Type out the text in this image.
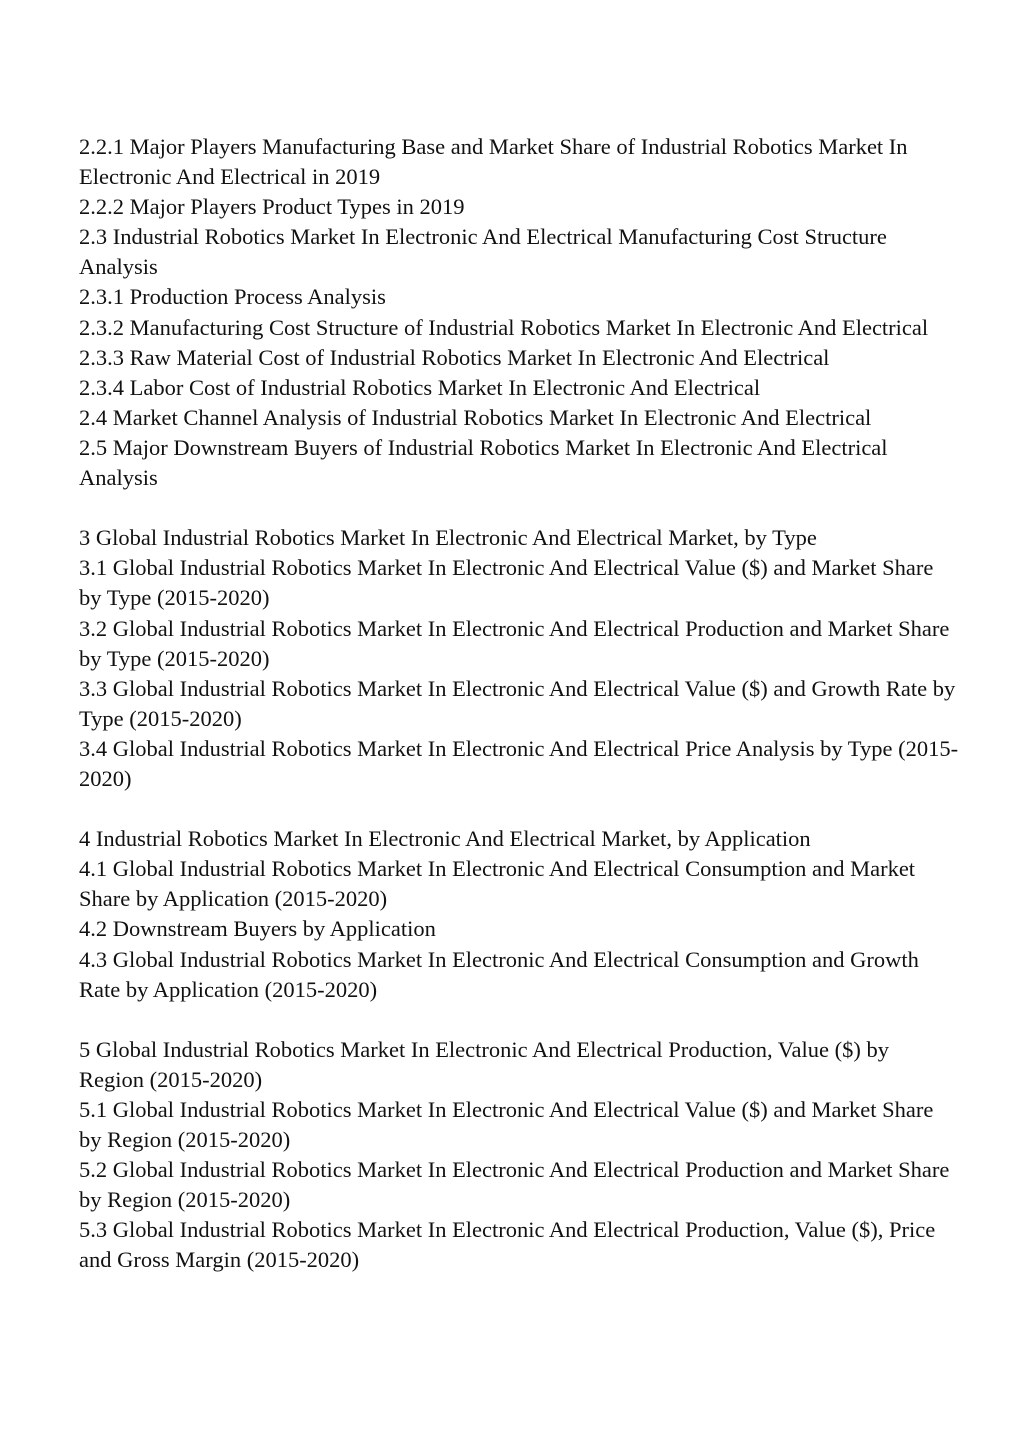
2.2.1 Major Players Manufacturing Base and Market Share of Industrial Robotics Market In Electronic And Electrical in 2019

2.2.2 Major Players Product Types in 2019

2.3 Industrial Robotics Market In Electronic And Electrical Manufacturing Cost Structure Analysis

2.3.1 Production Process Analysis

2.3.2 Manufacturing Cost Structure of Industrial Robotics Market In Electronic And Electrical

2.3.3 Raw Material Cost of Industrial Robotics Market In Electronic And Electrical

2.3.4 Labor Cost of Industrial Robotics Market In Electronic And Electrical

2.4 Market Channel Analysis of Industrial Robotics Market In Electronic And Electrical

2.5 Major Downstream Buyers of Industrial Robotics Market In Electronic And Electrical Analysis

3 Global Industrial Robotics Market In Electronic And Electrical Market, by Type

3.1 Global Industrial Robotics Market In Electronic And Electrical Value ($) and Market Share by Type (2015-2020)

3.2 Global Industrial Robotics Market In Electronic And Electrical Production and Market Share by Type (2015-2020)

3.3 Global Industrial Robotics Market In Electronic And Electrical Value ($) and Growth Rate by Type (2015-2020)

3.4 Global Industrial Robotics Market In Electronic And Electrical Price Analysis by Type (2015-2020)

4 Industrial Robotics Market In Electronic And Electrical Market, by Application

4.1 Global Industrial Robotics Market In Electronic And Electrical Consumption and Market Share by Application (2015-2020)

4.2 Downstream Buyers by Application

4.3 Global Industrial Robotics Market In Electronic And Electrical Consumption and Growth Rate by Application (2015-2020)

5 Global Industrial Robotics Market In Electronic And Electrical Production, Value ($) by Region (2015-2020)

5.1 Global Industrial Robotics Market In Electronic And Electrical Value ($) and Market Share by Region (2015-2020)

5.2 Global Industrial Robotics Market In Electronic And Electrical Production and Market Share by Region (2015-2020)

5.3 Global Industrial Robotics Market In Electronic And Electrical Production, Value ($), Price and Gross Margin (2015-2020)
